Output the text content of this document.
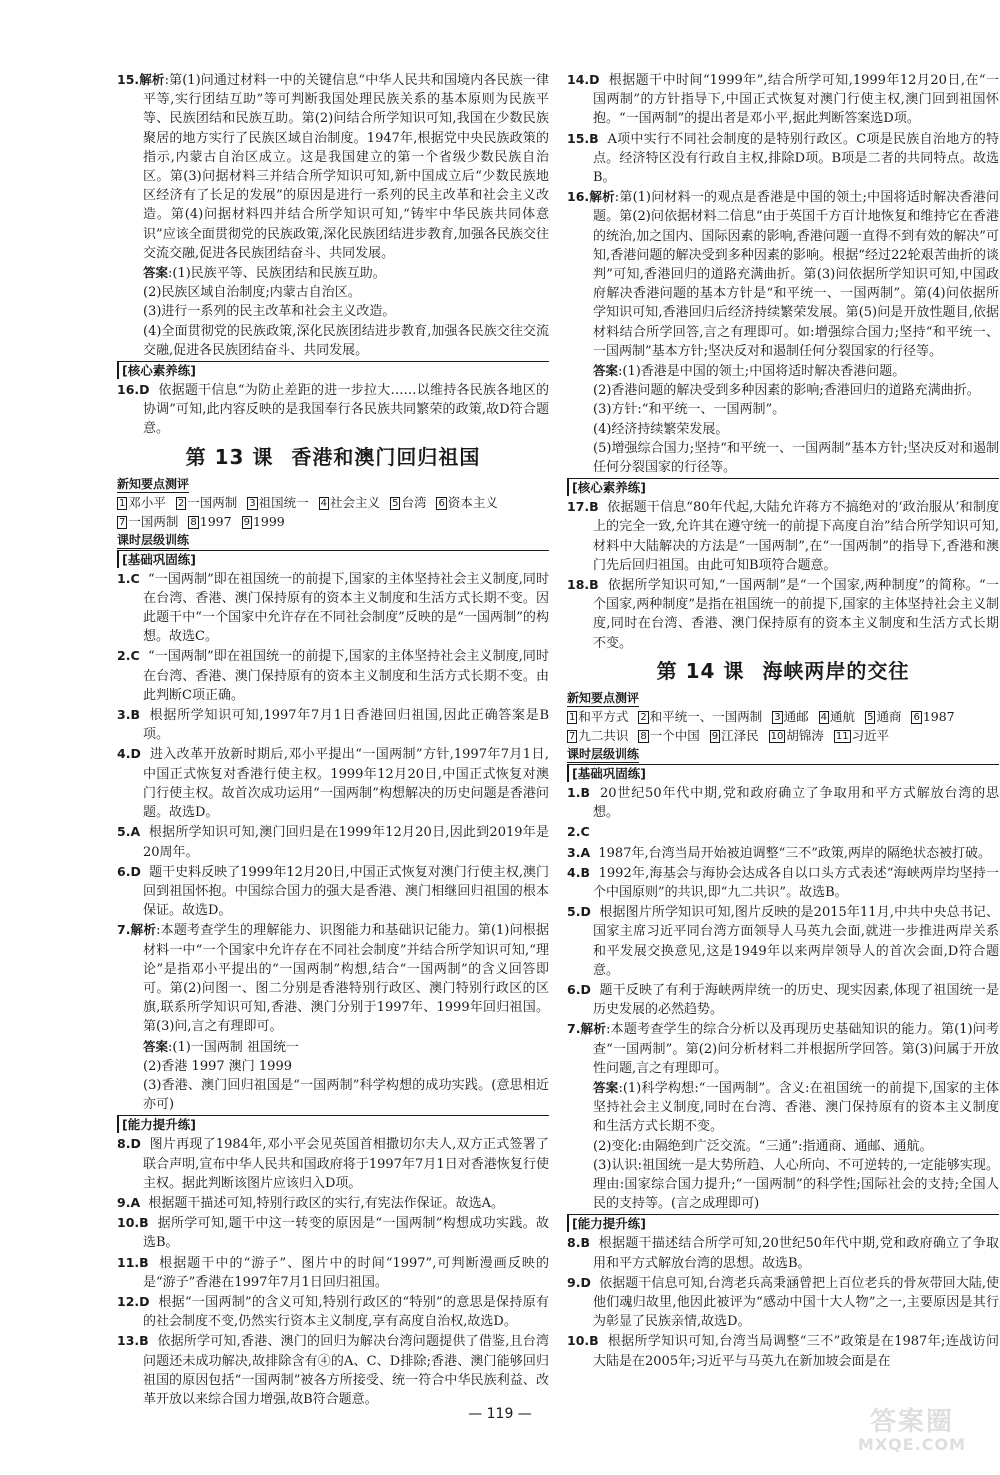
15.解析:第(1)问通过材料一中的关键信息“中华人民共和国境内各民族一律平等,实行团结互助”等可判断我国处理民族关系的基本原则为民族平等、民族团结和民族互助。第(2)问结合所学知识可知,我国在少数民族聚居的地方实行了民族区域自治制度。1947年,根据党中央民族政策的指示,内蒙古自治区成立。这是我国建立的第一个省级少数民族自治区。第(3)问据材料三并结合所学知识可知,新中国成立后“少数民族地区经济有了长足的发展”的原因是进行一系列的民主改革和社会主义改造。第(4)问据材料四并结合所学知识可知,“铸牢中华民族共同体意识”应该全面贯彻党的民族政策,深化民族团结进步教育,加强各民族交往交流交融,促进各民族团结奋斗、共同发展。
答案:(1)民族平等、民族团结和民族互助。
(2)民族区域自治制度;内蒙古自治区。
(3)进行一系列的民主改革和社会主义改造。
(4)全面贯彻党的民族政策,深化民族团结进步教育,加强各民族交往交流交融,促进各民族团结奋斗、共同发展。
[核心素养练]
16.D 依据题干信息“为防止差距的进一步拉大……以维持各民族各地区的协调”可知,此内容反映的是我国奉行各民族共同繁荣的政策,故D符合题意。
第 13 课 香港和澳门回归祖国
新知要点测评
1 邓小平 2 一国两制 3 祖国统一 4 社会主义 5 台湾 6 资本主义7 一国两制 8 1997 9 1999
课时层级训练
[基础巩固练]
1.C “一国两制”即在祖国统一的前提下,国家的主体坚持社会主义制度,同时在台湾、香港、澳门保持原有的资本主义制度和生活方式长期不变。因此题干中“一个国家中允许存在不同社会制度”反映的是“一国两制”的构想。故选C。
2.C “一国两制”即在祖国统一的前提下,国家的主体坚持社会主义制度,同时在台湾、香港、澳门保持原有的资本主义制度和生活方式长期不变。由此判断C项正确。
3.B 根据所学知识可知,1997年7月1日香港回归祖国,因此正确答案是B项。
4.D 进入改革开放新时期后,邓小平提出“一国两制”方针,1997年7月1日,中国正式恢复对香港行使主权。1999年12月20日,中国正式恢复对澳门行使主权。故首次成功运用“一国两制”构想解决的历史问题是香港问题。故选D。
5.A 根据所学知识可知,澳门回归是在1999年12月20日,因此到2019年是20周年。
6.D 题干史料反映了1999年12月20日,中国正式恢复对澳门行使主权,澳门回到祖国怀抱。中国综合国力的强大是香港、澳门相继回归祖国的根本保证。故选D。
7.解析:本题考查学生的理解能力、识图能力和基础识记能力。第(1)问根据材料一中“一个国家中允许存在不同社会制度”并结合所学知识可知,“理论”是指邓小平提出的“一国两制”构想,结合“一国两制”的含义回答即可。第(2)问图一、图二分别是香港特别行政区、澳门特别行政区的区旗,联系所学知识可知,香港、澳门分别于1997年、1999年回归祖国。第(3)问,言之有理即可。
答案:(1)一国两制 祖国统一
(2)香港 1997 澳门 1999
(3)香港、澳门回归祖国是“一国两制”科学构想的成功实践。(意思相近亦可)
[能力提升练]
8.D 图片再现了1984年,邓小平会见英国首相撒切尔夫人,双方正式签署了联合声明,宣布中华人民共和国政府将于1997年7月1日对香港恢复行使主权。据此判断该图片应该归入D项。
9.A 根据题干描述可知,特别行政区的实行,有宪法作保证。故选A。
10.B 据所学可知,题干中这一转变的原因是“一国两制”构想成功实践。故选B。
11.B 根据题干中的“游子”、图片中的时间“1997”,可判断漫画反映的是“游子”香港在1997年7月1日回归祖国。
12.D 根据“一国两制”的含义可知,特别行政区的“特别”的意思是保持原有的社会制度不变,仍然实行资本主义制度,享有高度自治权,故选D。
13.B 依据所学可知,香港、澳门的回归为解决台湾问题提供了借鉴,且台湾问题还未成功解决,故排除含有④的A、C、D排除;香港、澳门能够回归祖国的原因包括“一国两制”被各方所接受、统一符合中华民族利益、改革开放以来综合国力增强,故B符合题意。
14.D 根据题干中时间“1999年”,结合所学可知,1999年12月20日,在“一国两制”的方针指导下,中国正式恢复对澳门行使主权,澳门回到祖国怀抱。“一国两制”的提出者是邓小平,据此判断答案选D项。
15.B A项中实行不同社会制度的是特别行政区。C项是民族自治地方的特点。经济特区没有行政自主权,排除D项。B项是二者的共同特点。故选B。
16.解析:第(1)问材料一的观点是香港是中国的领土;中国将适时解决香港问题。第(2)问依据材料二信息“由于英国千方百计地恢复和维持它在香港的统治,加之国内、国际因素的影响,香港问题一直得不到有效的解决”可知,香港问题的解决受到多种因素的影响。根据“经过22轮艰苦曲折的谈判”可知,香港回归的道路充满曲折。第(3)问依据所学知识可知,中国政府解决香港问题的基本方针是“和平统一、一国两制”。第(4)问依据所学知识可知,香港回归后经济持续繁荣发展。第(5)问是开放性题目,依据材料结合所学回答,言之有理即可。如:增强综合国力;坚持“和平统一、一国两制”基本方针;坚决反对和遏制任何分裂国家的行径等。
答案:(1)香港是中国的领土;中国将适时解决香港问题。
(2)香港问题的解决受到多种因素的影响;香港回归的道路充满曲折。
(3)方针:“和平统一、一国两制”。
(4)经济持续繁荣发展。
(5)增强综合国力;坚持“和平统一、一国两制”基本方针;坚决反对和遏制任何分裂国家的行径等。
[核心素养练]
17.B 依据题干信息“80年代起,大陆允许蒋方不搞绝对的‘政治服从’和制度上的完全一致,允许其在遵守统一的前提下高度自治”结合所学知识可知,材料中大陆解决的方法是“一国两制”,在“一国两制”的指导下,香港和澳门先后回归祖国。由此可知B项符合题意。
18.B 依据所学知识可知,“一国两制”是“一个国家,两种制度”的简称。“一个国家,两种制度”是指在祖国统一的前提下,国家的主体坚持社会主义制度,同时在台湾、香港、澳门保持原有的资本主义制度和生活方式长期不变。
第 14 课 海峡两岸的交往
新知要点测评
1 和平方式 2 和平统一、一国两制 3 通邮 4 通航 5 通商 6 19877 九二共识 8 一个中国 9 江泽民 10 胡锦涛 11 习近平
课时层级训练
[基础巩固练]
1.B 20世纪50年代中期,党和政府确立了争取用和平方式解放台湾的思想。
2.C
3.A 1987年,台湾当局开始被迫调整“三不”政策,两岸的隔绝状态被打破。
4.B 1992年,海基会与海协会达成各自以口头方式表述“海峡两岸均坚持一个中国原则”的共识,即“九二共识”。故选B。
5.D 根据图片所学知识可知,图片反映的是2015年11月,中共中央总书记、国家主席习近平同台湾方面领导人马英九会面,就进一步推进两岸关系和平发展交换意见,这是1949年以来两岸领导人的首次会面,D符合题意。
6.D 题干反映了有利于海峡两岸统一的历史、现实因素,体现了祖国统一是历史发展的必然趋势。
7.解析:本题考查学生的综合分析以及再现历史基础知识的能力。第(1)问考查“一国两制”。第(2)问分析材料二并根据所学回答。第(3)问属于开放性问题,言之有理即可。
答案:(1)科学构想:“一国两制”。含义:在祖国统一的前提下,国家的主体坚持社会主义制度,同时在台湾、香港、澳门保持原有的资本主义制度和生活方式长期不变。
(2)变化:由隔绝到广泛交流。“三通”:指通商、通邮、通航。
(3)认识:祖国统一是大势所趋、人心所向、不可逆转的,一定能够实现。理由:国家综合国力提升;“一国两制”的科学性;国际社会的支持;全国人民的支持等。(言之成理即可)
[能力提升练]
8.B 根据题干描述结合所学可知,20世纪50年代中期,党和政府确立了争取用和平方式解放台湾的思想。故选B。
9.D 依据题干信息可知,台湾老兵高秉涵曾把上百位老兵的骨灰带回大陆,使他们魂归故里,他因此被评为“感动中国十大人物”之一,主要原因是其行为彰显了民族亲情,故选D。
10.B 根据所学知识可知,台湾当局调整“三不”政策是在1987年;连战访问大陆是在2005年;习近平与马英九在新加坡会面是在
— 119 —	答案圈
MXQE.COM
